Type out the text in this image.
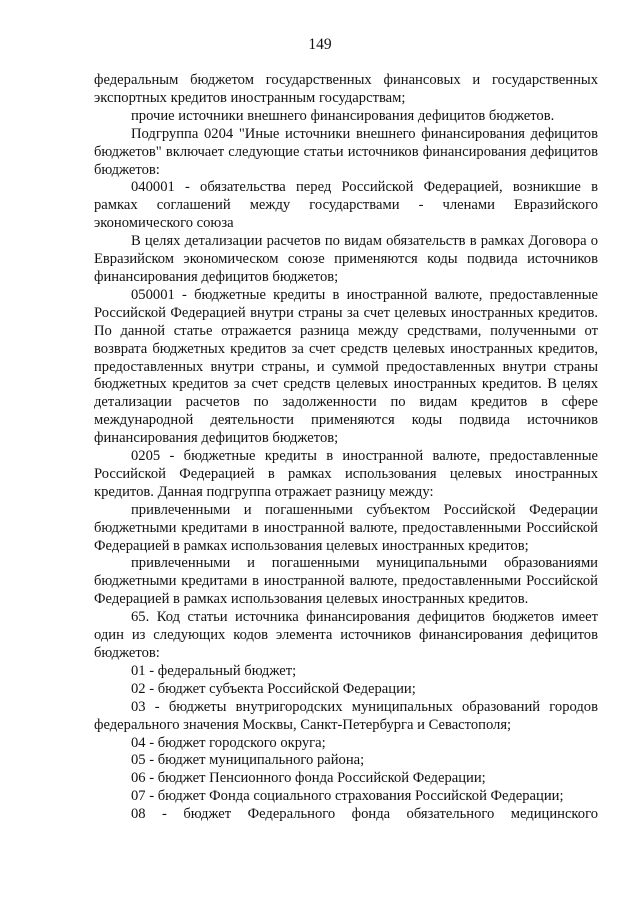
149

федеральным бюджетом государственных финансовых и государственных экспортных кредитов иностранным государствам;

прочие источники внешнего финансирования дефицитов бюджетов.

Подгруппа 0204 "Иные источники внешнего финансирования дефицитов бюджетов" включает следующие статьи источников финансирования дефицитов бюджетов:

040001 - обязательства перед Российской Федерацией, возникшие в рамках соглашений между государствами - членами Евразийского экономического союза

В целях детализации расчетов по видам обязательств в рамках Договора о Евразийском экономическом союзе применяются коды подвида источников финансирования дефицитов бюджетов;

050001 - бюджетные кредиты в иностранной валюте, предоставленные Российской Федерацией внутри страны за счет целевых иностранных кредитов. По данной статье отражается разница между средствами, полученными от возврата бюджетных кредитов за счет средств целевых иностранных кредитов, предоставленных внутри страны, и суммой предоставленных внутри страны бюджетных кредитов за счет средств целевых иностранных кредитов. В целях детализации расчетов по задолженности по видам кредитов в сфере международной деятельности применяются коды подвида источников финансирования дефицитов бюджетов;

0205 - бюджетные кредиты в иностранной валюте, предоставленные Российской Федерацией в рамках использования целевых иностранных кредитов. Данная подгруппа отражает разницу между:

привлеченными и погашенными субъектом Российской Федерации бюджетными кредитами в иностранной валюте, предоставленными Российской Федерацией в рамках использования целевых иностранных кредитов;

привлеченными и погашенными муниципальными образованиями бюджетными кредитами в иностранной валюте, предоставленными Российской Федерацией в рамках использования целевых иностранных кредитов.

65. Код статьи источника финансирования дефицитов бюджетов имеет один из следующих кодов элемента источников финансирования дефицитов бюджетов:

01 - федеральный бюджет;

02 - бюджет субъекта Российской Федерации;

03 - бюджеты внутригородских муниципальных образований городов федерального значения Москвы, Санкт-Петербурга и Севастополя;

04 - бюджет городского округа;

05 - бюджет муниципального района;

06 - бюджет Пенсионного фонда Российской Федерации;

07 - бюджет Фонда социального страхования Российской Федерации;

08 - бюджет Федерального фонда обязательного медицинского
